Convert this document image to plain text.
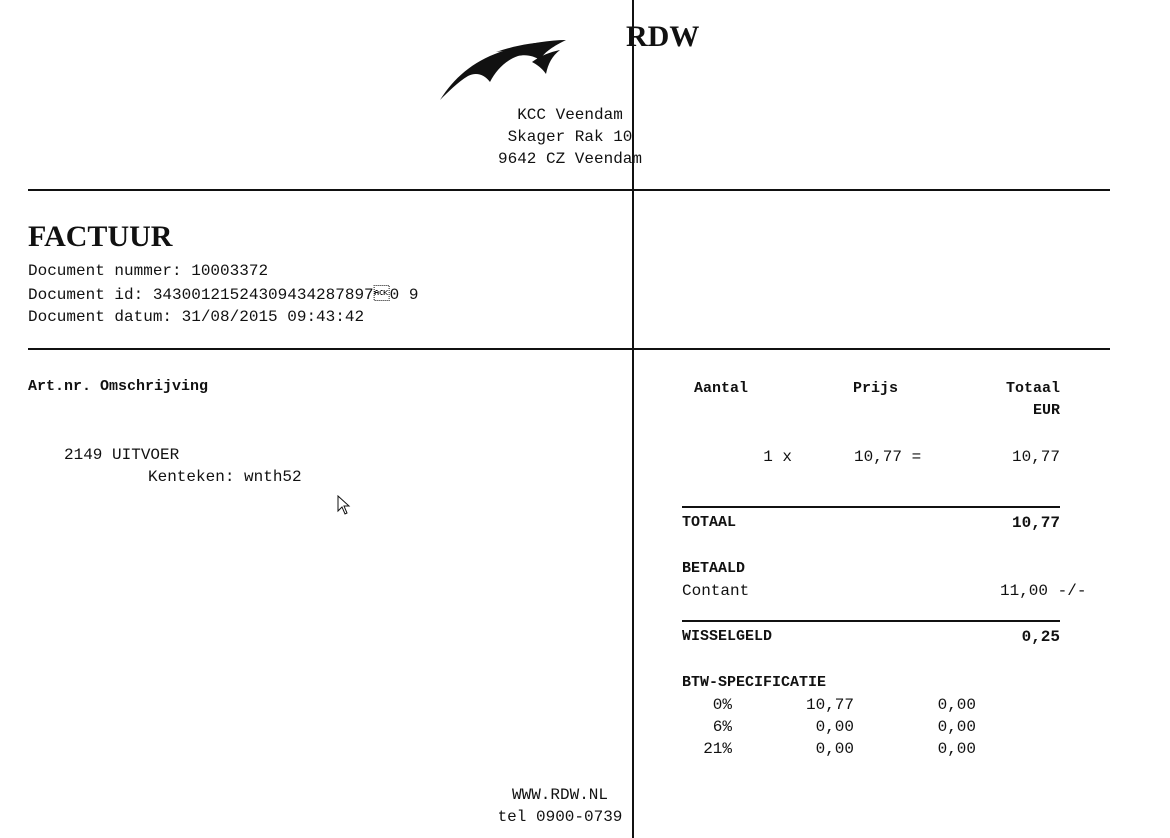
RDW
KCC Veendam
Skager Rak 10
9642 CZ Veendam
FACTUUR
Document nummer: 10003372
Document id: 343001215243094342878970 9
Document datum: 31/08/2015 09:43:42
Art.nr. Omschrijving	Aantal	Prijs	Totaal
EUR
2149 UITVOER
Kenteken: wnth52
1 x	10,77 =	10,77
TOTAAL	10,77
BETAALD
Contant	11,00 -/-
WISSELGELD	0,25
BTW-SPECIFICATIE
0%	10,77	0,00
6%	0,00	0,00
21%	0,00	0,00
WWW.RDW.NL
tel 0900-0739
